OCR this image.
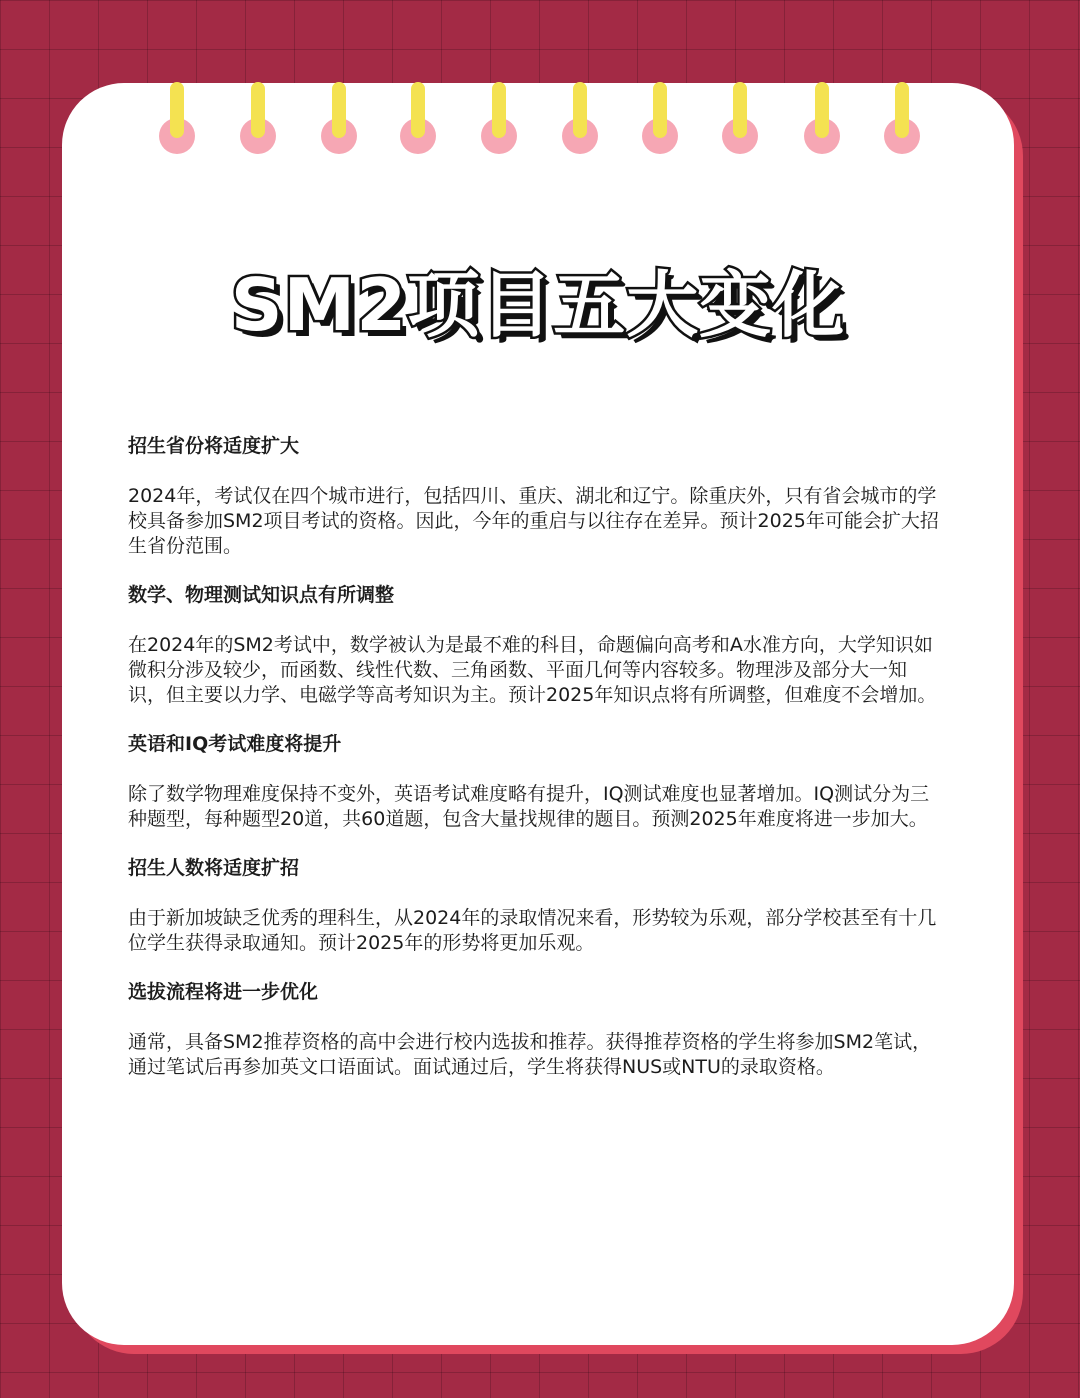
SM2项目五大变化
招生省份将适度扩大

2024年，考试仅在四个城市进行，包括四川、重庆、湖北和辽宁。除重庆外，只有省会城市的学校具备参加SM2项目考试的资格。因此，今年的重启与以往存在差异。预计2025年可能会扩大招生省份范围。

数学、物理测试知识点有所调整

在2024年的SM2考试中，数学被认为是最不难的科目，命题偏向高考和A水准方向，大学知识如微积分涉及较少，而函数、线性代数、三角函数、平面几何等内容较多。物理涉及部分大一知识，但主要以力学、电磁学等高考知识为主。预计2025年知识点将有所调整，但难度不会增加。

英语和IQ考试难度将提升

除了数学物理难度保持不变外，英语考试难度略有提升，IQ测试难度也显著增加。IQ测试分为三种题型，每种题型20道，共60道题，包含大量找规律的题目。预测2025年难度将进一步加大。

招生人数将适度扩招

由于新加坡缺乏优秀的理科生，从2024年的录取情况来看，形势较为乐观，部分学校甚至有十几位学生获得录取通知。预计2025年的形势将更加乐观。

选拔流程将进一步优化

通常，具备SM2推荐资格的高中会进行校内选拔和推荐。获得推荐资格的学生将参加SM2笔试，通过笔试后再参加英文口语面试。面试通过后，学生将获得NUS或NTU的录取资格。
